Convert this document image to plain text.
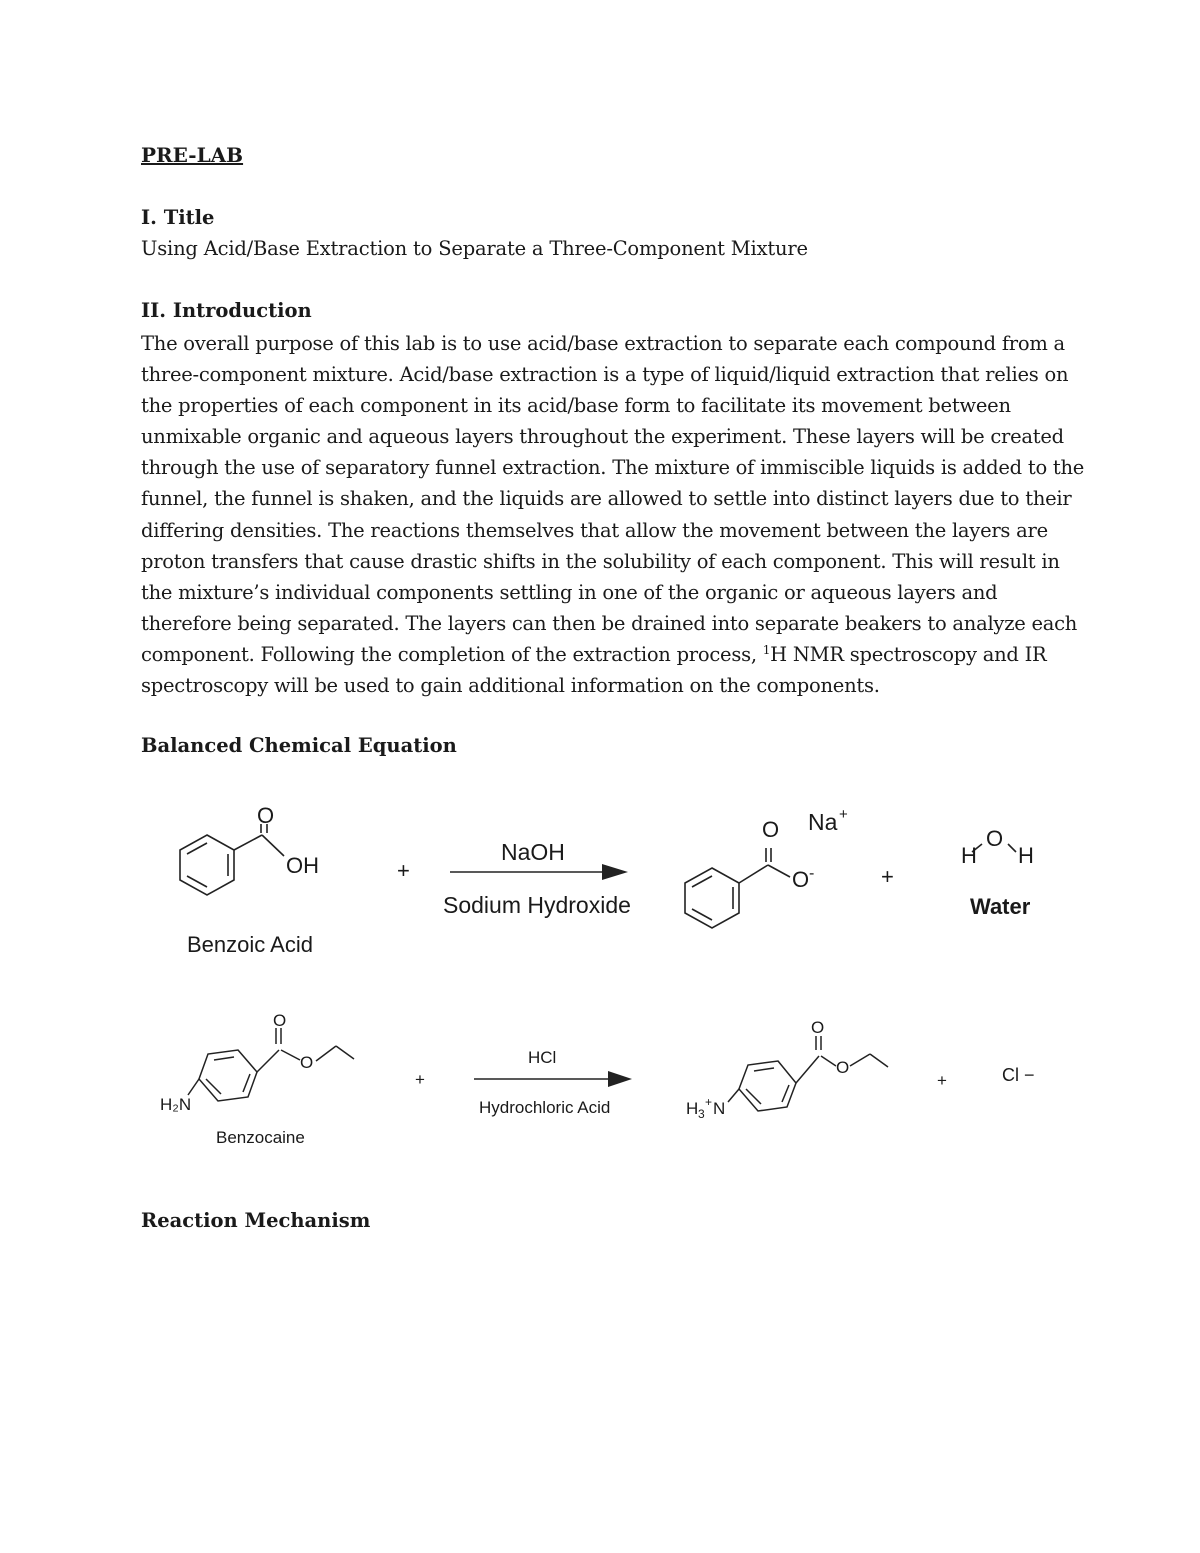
PRE-LAB
I. Title
Using Acid/Base Extraction to Separate a Three-Component Mixture
II. Introduction
The overall purpose of this lab is to use acid/base extraction to separate each compound from a
three-component mixture. Acid/base extraction is a type of liquid/liquid extraction that relies on
the properties of each component in its acid/base form to facilitate its movement between
unmixable organic and aqueous layers throughout the experiment. These layers will be created
through the use of separatory funnel extraction. The mixture of immiscible liquids is added to the
funnel, the funnel is shaken, and the liquids are allowed to settle into distinct layers due to their
differing densities. The reactions themselves that allow the movement between the layers are
proton transfers that cause drastic shifts in the solubility of each component. This will result in
the mixture’s individual components settling in one of the organic or aqueous layers and
therefore being separated. The layers can then be drained into separate beakers to analyze each
component. Following the completion of the extraction process, $^1$H NMR spectroscopy and IR
spectroscopy will be used to gain additional information on the components.
Balanced Chemical Equation
O
OH
Benzoic Acid
+
NaOH
Sodium Hydroxide
O
O -
Na +
+
H
O
H
Water
O
O
H₂N
Benzocaine
+
HCl
Hydrochloric Acid
O
O
H 3
+ N
+	Cl −
Reaction Mechanism
